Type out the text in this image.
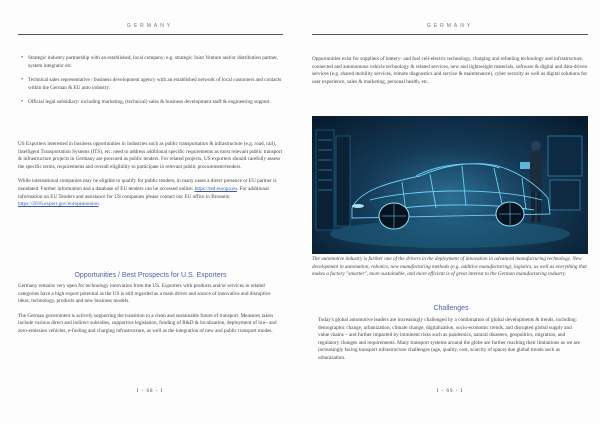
GERMANY
• Strategic industry partnership with an established, local company: e.g. strategic Joint Venture and/or distribution partner, system integrator etc.
• Technical sales representative / business development agency with an established network of local customers and contacts within the German & EU auto industry.
• Official legal subsidiary: including marketing, (technical) sales & business development staff & engineering support.

US Exporters interested in business opportunities in industries such as public transportation & infrastructure (e.g. road, rail), Intelligent Transportation Systems (ITS), etc. need to address additional specific requirements as most relevant public transport & infrastructure projects in Germany are procured as public tenders. For related projects, US exporters should carefully assess the specific terms, requirements and overall eligibility to participate in relevant public procurement/tenders.

While international companies may be eligible to qualify for public tenders, in many cases a direct presence or EU partner is mandated. Further information and a database of EU tenders can be accessed online: https://ted.europa.eu. For additional information on EU Tenders and assistance for US companies please contact our EU office in Brussels: https://2016.export.gov/europeanunion.

Opportunities / Best Prospects for U.S. Exporters

Germany remains very open for technology innovation from the US. Exporters with products and/or services in related categories have a high export potential as the US is still regarded as a main driver and source of innovative and disruptive ideas, technology, products and new business models.

The German government is actively supporting the transition to a clean and sustainable future of transport. Measures taken include various direct and indirect subsidies, supportive legislation, funding of R&D & localization, deployment of low- and zero-emission vehicles, e-fueling and charging infrastructure, as well as the integration of new and public transport modes.

I - 68 - I
GERMANY

Opportunities exist for suppliers of battery- and fuel cell-electric technology, charging and refueling technology and infrastructure, connected and autonomous vehicle technology & related services, new and lightweight materials, software & digital and data-driven services (e.g. shared mobility services, remote diagnostics and service & maintenance), cyber security as well as digital solutions for user experience, sales & marketing, personal health, etc.

The automotive industry is further one of the drivers in the deployment of innovation in advanced manufacturing technology. New development in automation, robotics, new manufacturing methods (e.g. additive manufacturing), logistics, as well as everything that makes a factory "smarter", more sustainable, and more efficient is of great interest to the German manufacturing industry.

Challenges

Today's global automotive leaders are increasingly challenged by a combination of global developments & trends, including: demographic change, urbanization, climate change, digitalization, socio-economic trends, and disrupted global supply and value chains – and further impacted by imminent risks such as pandemics, natural disasters, geopolitics, migration, and regulatory changes and requirements. Many transport systems around the globe are further reaching their limitations as we are increasingly facing transport infrastructure challenges (age, quality, cost, scarcity of space) due global trends such as urbanization.

I - 69 - I
